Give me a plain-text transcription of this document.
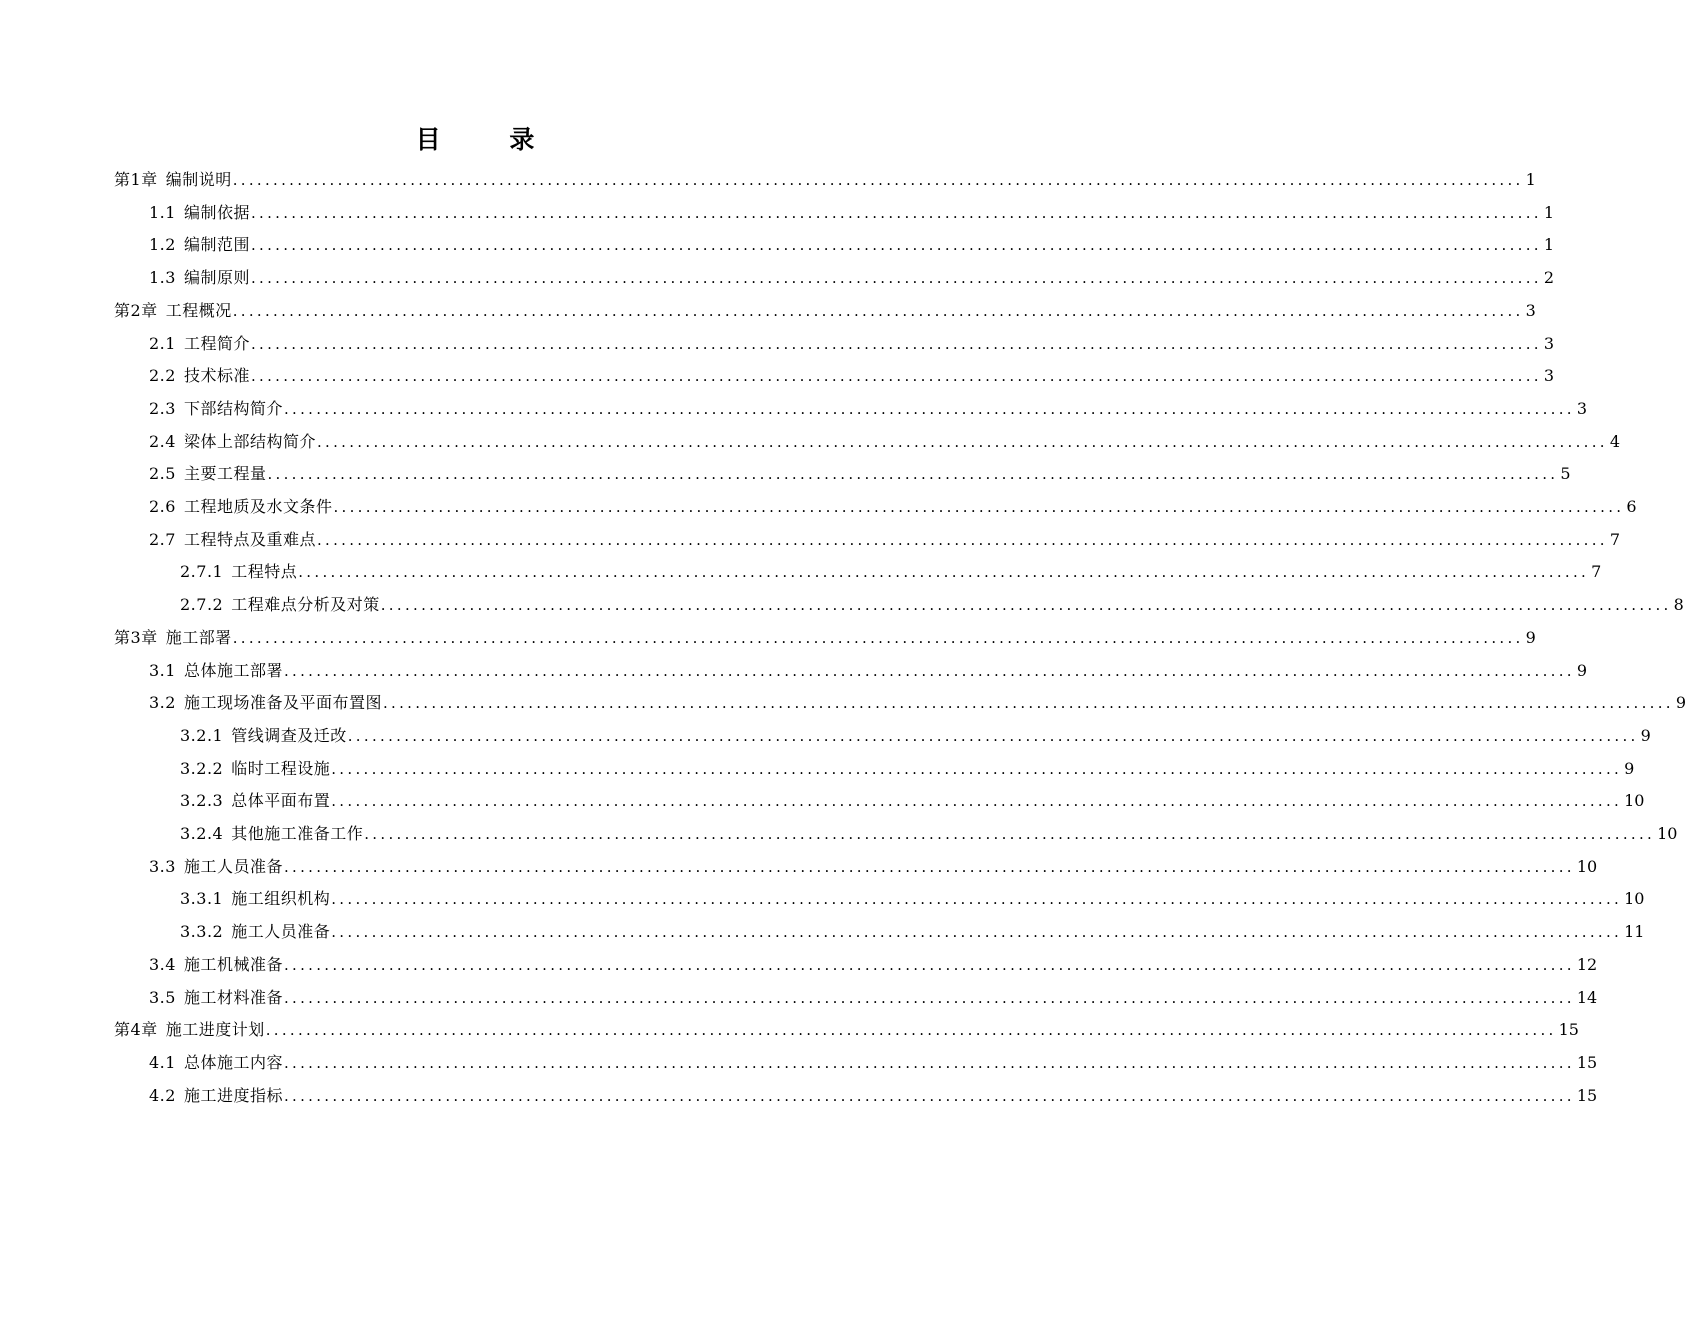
目 录
第1章 编制说明 ................................................................................................................................................................ 1
1.1 编制依据 ................................................................................................................................................................ 1
1.2 编制范围 ................................................................................................................................................................ 1
1.3 编制原则 ................................................................................................................................................................ 2
第2章 工程概况 ................................................................................................................................................................ 3
2.1 工程简介 ................................................................................................................................................................ 3
2.2 技术标准 ................................................................................................................................................................ 3
2.3 下部结构简介 ................................................................................................................................................................ 3
2.4 梁体上部结构简介 ................................................................................................................................................................ 4
2.5 主要工程量 ................................................................................................................................................................ 5
2.6 工程地质及水文条件 ................................................................................................................................................................ 6
2.7 工程特点及重难点 ................................................................................................................................................................ 7
2.7.1 工程特点 ................................................................................................................................................................ 7
2.7.2 工程难点分析及对策 ................................................................................................................................................................ 8
第3章 施工部署 ................................................................................................................................................................ 9
3.1 总体施工部署 ................................................................................................................................................................ 9
3.2 施工现场准备及平面布置图 ................................................................................................................................................................ 9
3.2.1 管线调查及迁改 ................................................................................................................................................................ 9
3.2.2 临时工程设施 ................................................................................................................................................................ 9
3.2.3 总体平面布置 ................................................................................................................................................................ 10
3.2.4 其他施工准备工作 ................................................................................................................................................................ 10
3.3 施工人员准备 ................................................................................................................................................................ 10
3.3.1 施工组织机构 ................................................................................................................................................................ 10
3.3.2 施工人员准备 ................................................................................................................................................................ 11
3.4 施工机械准备 ................................................................................................................................................................ 12
3.5 施工材料准备 ................................................................................................................................................................ 14
第4章 施工进度计划 ................................................................................................................................................................ 15
4.1 总体施工内容 ................................................................................................................................................................ 15
4.2 施工进度指标 ................................................................................................................................................................ 15
